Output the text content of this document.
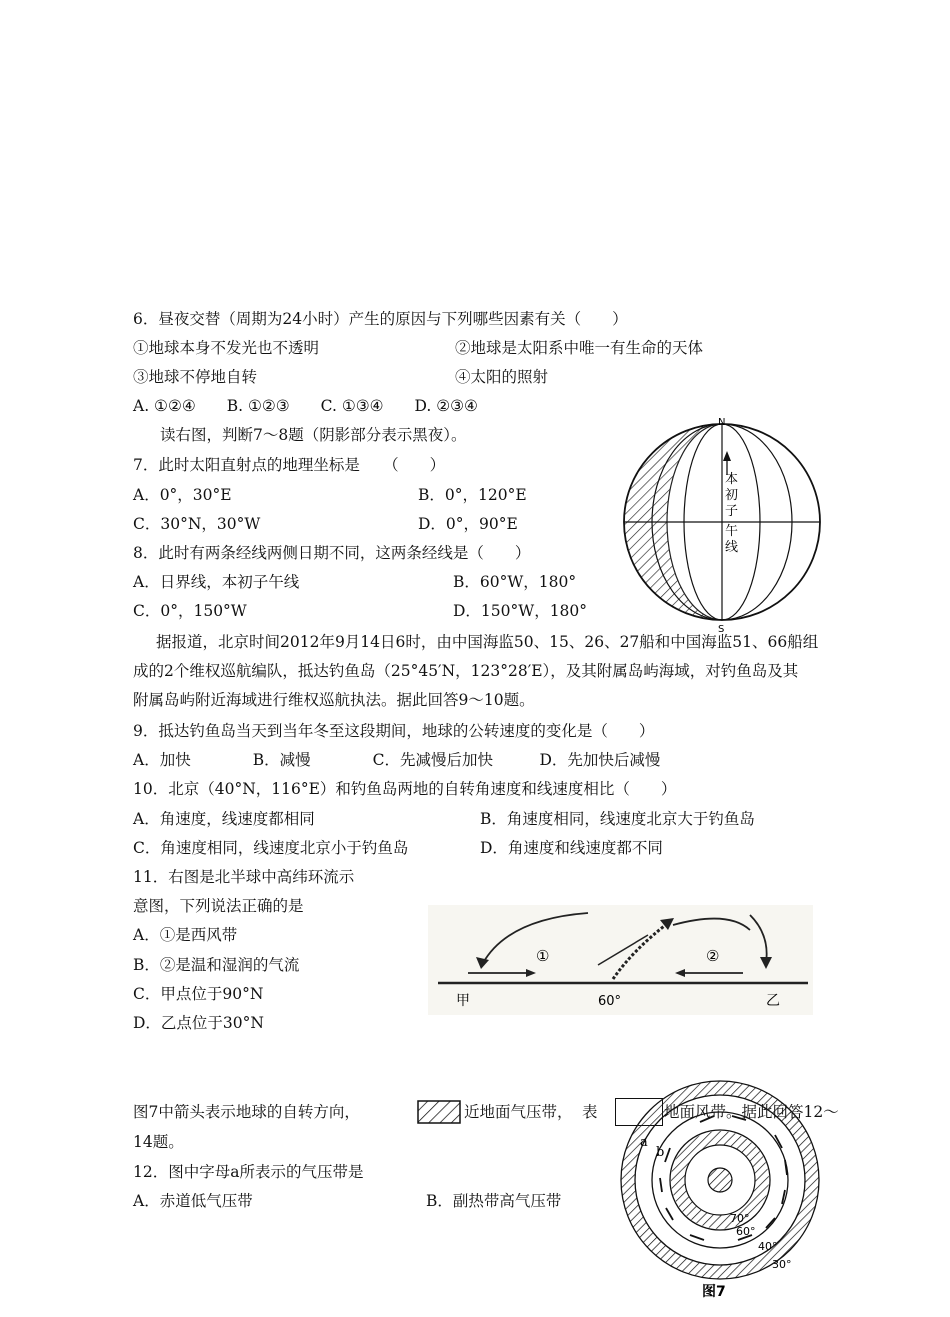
6．昼夜交替（周期为24小时）产生的原因与下列哪些因素有关（　　）
①地球本身不发光也不透明	②地球是太阳系中唯一有生命的天体
③地球不停地自转	④太阳的照射
A. ①②④　　B. ①②③　　C. ①③④　　D. ②③④
读右图，判断7～8题（阴影部分表示黑夜）。
7．此时太阳直射点的地理坐标是　　（　　）
A．0°，30°E	B．0°，120°E
C．30°N，30°W	D．0°，90°E
8．此时有两条经线两侧日期不同，这两条经线是（　　）
A．日界线，本初子午线	B．60°W，180°
C．0°，150°W	D．150°W，180°
N
S
本
初
子
午
线
据报道，北京时间2012年9月14日6时，由中国海监50、15、26、27船和中国海监51、66船组
成的2个维权巡航编队，抵达钓鱼岛（25°45′N，123°28′E），及其附属岛屿海域，对钓鱼岛及其
附属岛屿附近海域进行维权巡航执法。据此回答9～10题。
9．抵达钓鱼岛当天到当年冬至这段期间，地球的公转速度的变化是（　　）
A．加快　　　　B．减慢　　　　C．先减慢后加快　　　D．先加快后减慢
10．北京（40°N，116°E）和钓鱼岛两地的自转角速度和线速度相比（　　）
A．角速度，线速度都相同	B．角速度相同，线速度北京大于钓鱼岛
C．角速度相同，线速度北京小于钓鱼岛	D．角速度和线速度都不同
11．右图是北半球中高纬环流示
意图，下列说法正确的是
A．①是西风带
B．②是温和湿润的气流
C．甲点位于90°N
D．乙点位于30°N
①	②
甲	60°	乙
图7中箭头表示地球的自转方向，	近地面气压带， 表	地面风带。据此回答12～
14题。
12．图中字母a所表示的气压带是
A．赤道低气压带	B．副热带高气压带
a
b
70°
60°
40°
30°
图7
